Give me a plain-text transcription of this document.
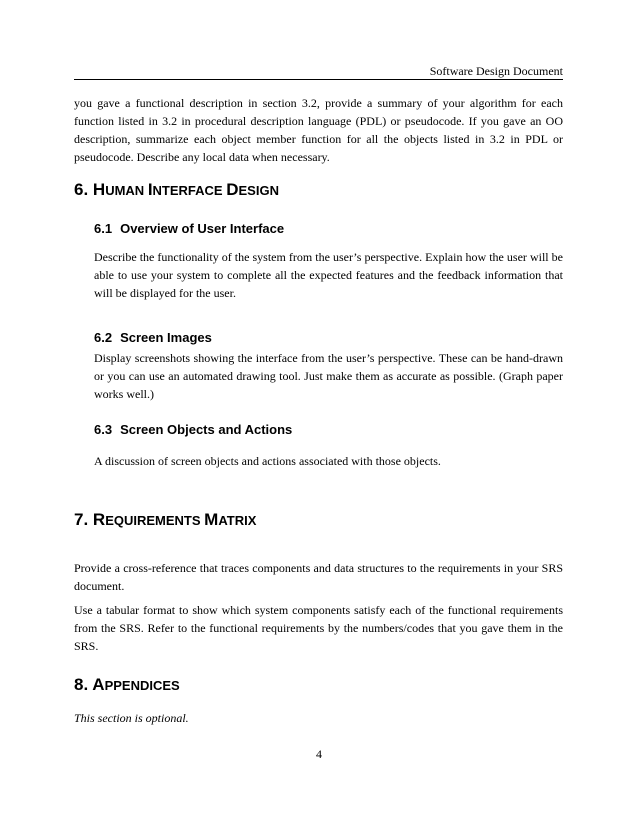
Software Design Document

you gave a functional description in section 3.2, provide a summary of your algorithm for each function listed in 3.2 in procedural description language (PDL) or pseudocode. If you gave an OO description, summarize each object member function for all the objects listed in 3.2 in PDL or pseudocode. Describe any local data when necessary.

6. HUMAN INTERFACE DESIGN
6.1 Overview of User Interface

Describe the functionality of the system from the user’s perspective. Explain how the user will be able to use your system to complete all the expected features and the feedback information that will be displayed for the user.

6.2 Screen Images

Display screenshots showing the interface from the user’s perspective. These can be hand-drawn or you can use an automated drawing tool. Just make them as accurate as possible. (Graph paper works well.)

6.3 Screen Objects and Actions

A discussion of screen objects and actions associated with those objects.

7. REQUIREMENTS MATRIX

Provide a cross-reference that traces components and data structures to the requirements in your SRS document.

Use a tabular format to show which system components satisfy each of the functional requirements from the SRS. Refer to the functional requirements by the numbers/codes that you gave them in the SRS.

8. APPENDICES

This section is optional.

4
